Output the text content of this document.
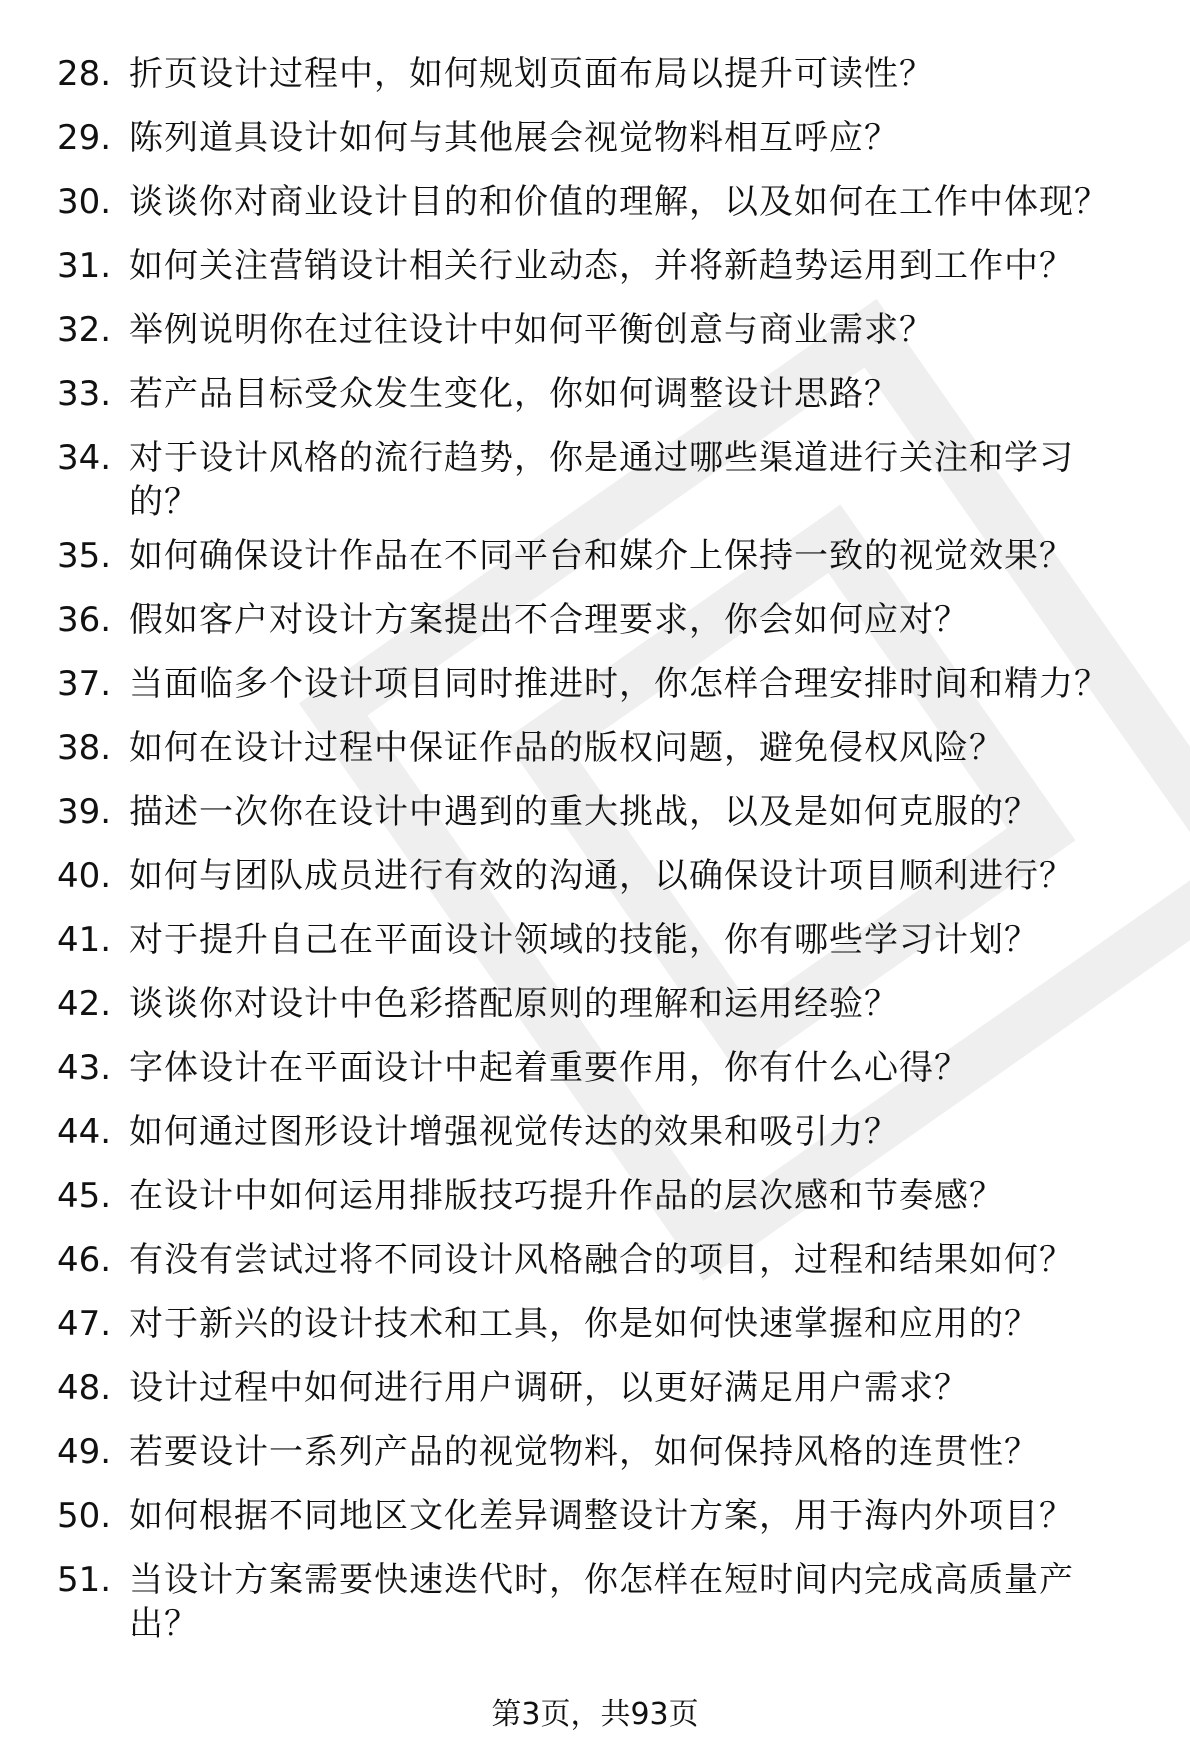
28. 折页设计过程中，如何规划页面布局以提升可读性？
29. 陈列道具设计如何与其他展会视觉物料相互呼应？
30. 谈谈你对商业设计目的和价值的理解，以及如何在工作中体现？
31. 如何关注营销设计相关行业动态，并将新趋势运用到工作中？
32. 举例说明你在过往设计中如何平衡创意与商业需求？
33. 若产品目标受众发生变化，你如何调整设计思路？
34. 对于设计风格的流行趋势，你是通过哪些渠道进行关注和学习的？
35. 如何确保设计作品在不同平台和媒介上保持一致的视觉效果？
36. 假如客户对设计方案提出不合理要求，你会如何应对？
37. 当面临多个设计项目同时推进时，你怎样合理安排时间和精力？
38. 如何在设计过程中保证作品的版权问题，避免侵权风险？
39. 描述一次你在设计中遇到的重大挑战，以及是如何克服的？
40. 如何与团队成员进行有效的沟通，以确保设计项目顺利进行？
41. 对于提升自己在平面设计领域的技能，你有哪些学习计划？
42. 谈谈你对设计中色彩搭配原则的理解和运用经验？
43. 字体设计在平面设计中起着重要作用，你有什么心得？
44. 如何通过图形设计增强视觉传达的效果和吸引力？
45. 在设计中如何运用排版技巧提升作品的层次感和节奏感？
46. 有没有尝试过将不同设计风格融合的项目，过程和结果如何？
47. 对于新兴的设计技术和工具，你是如何快速掌握和应用的？
48. 设计过程中如何进行用户调研，以更好满足用户需求？
49. 若要设计一系列产品的视觉物料，如何保持风格的连贯性？
50. 如何根据不同地区文化差异调整设计方案，用于海内外项目？
51. 当设计方案需要快速迭代时，你怎样在短时间内完成高质量产出？
第3页，共93页
